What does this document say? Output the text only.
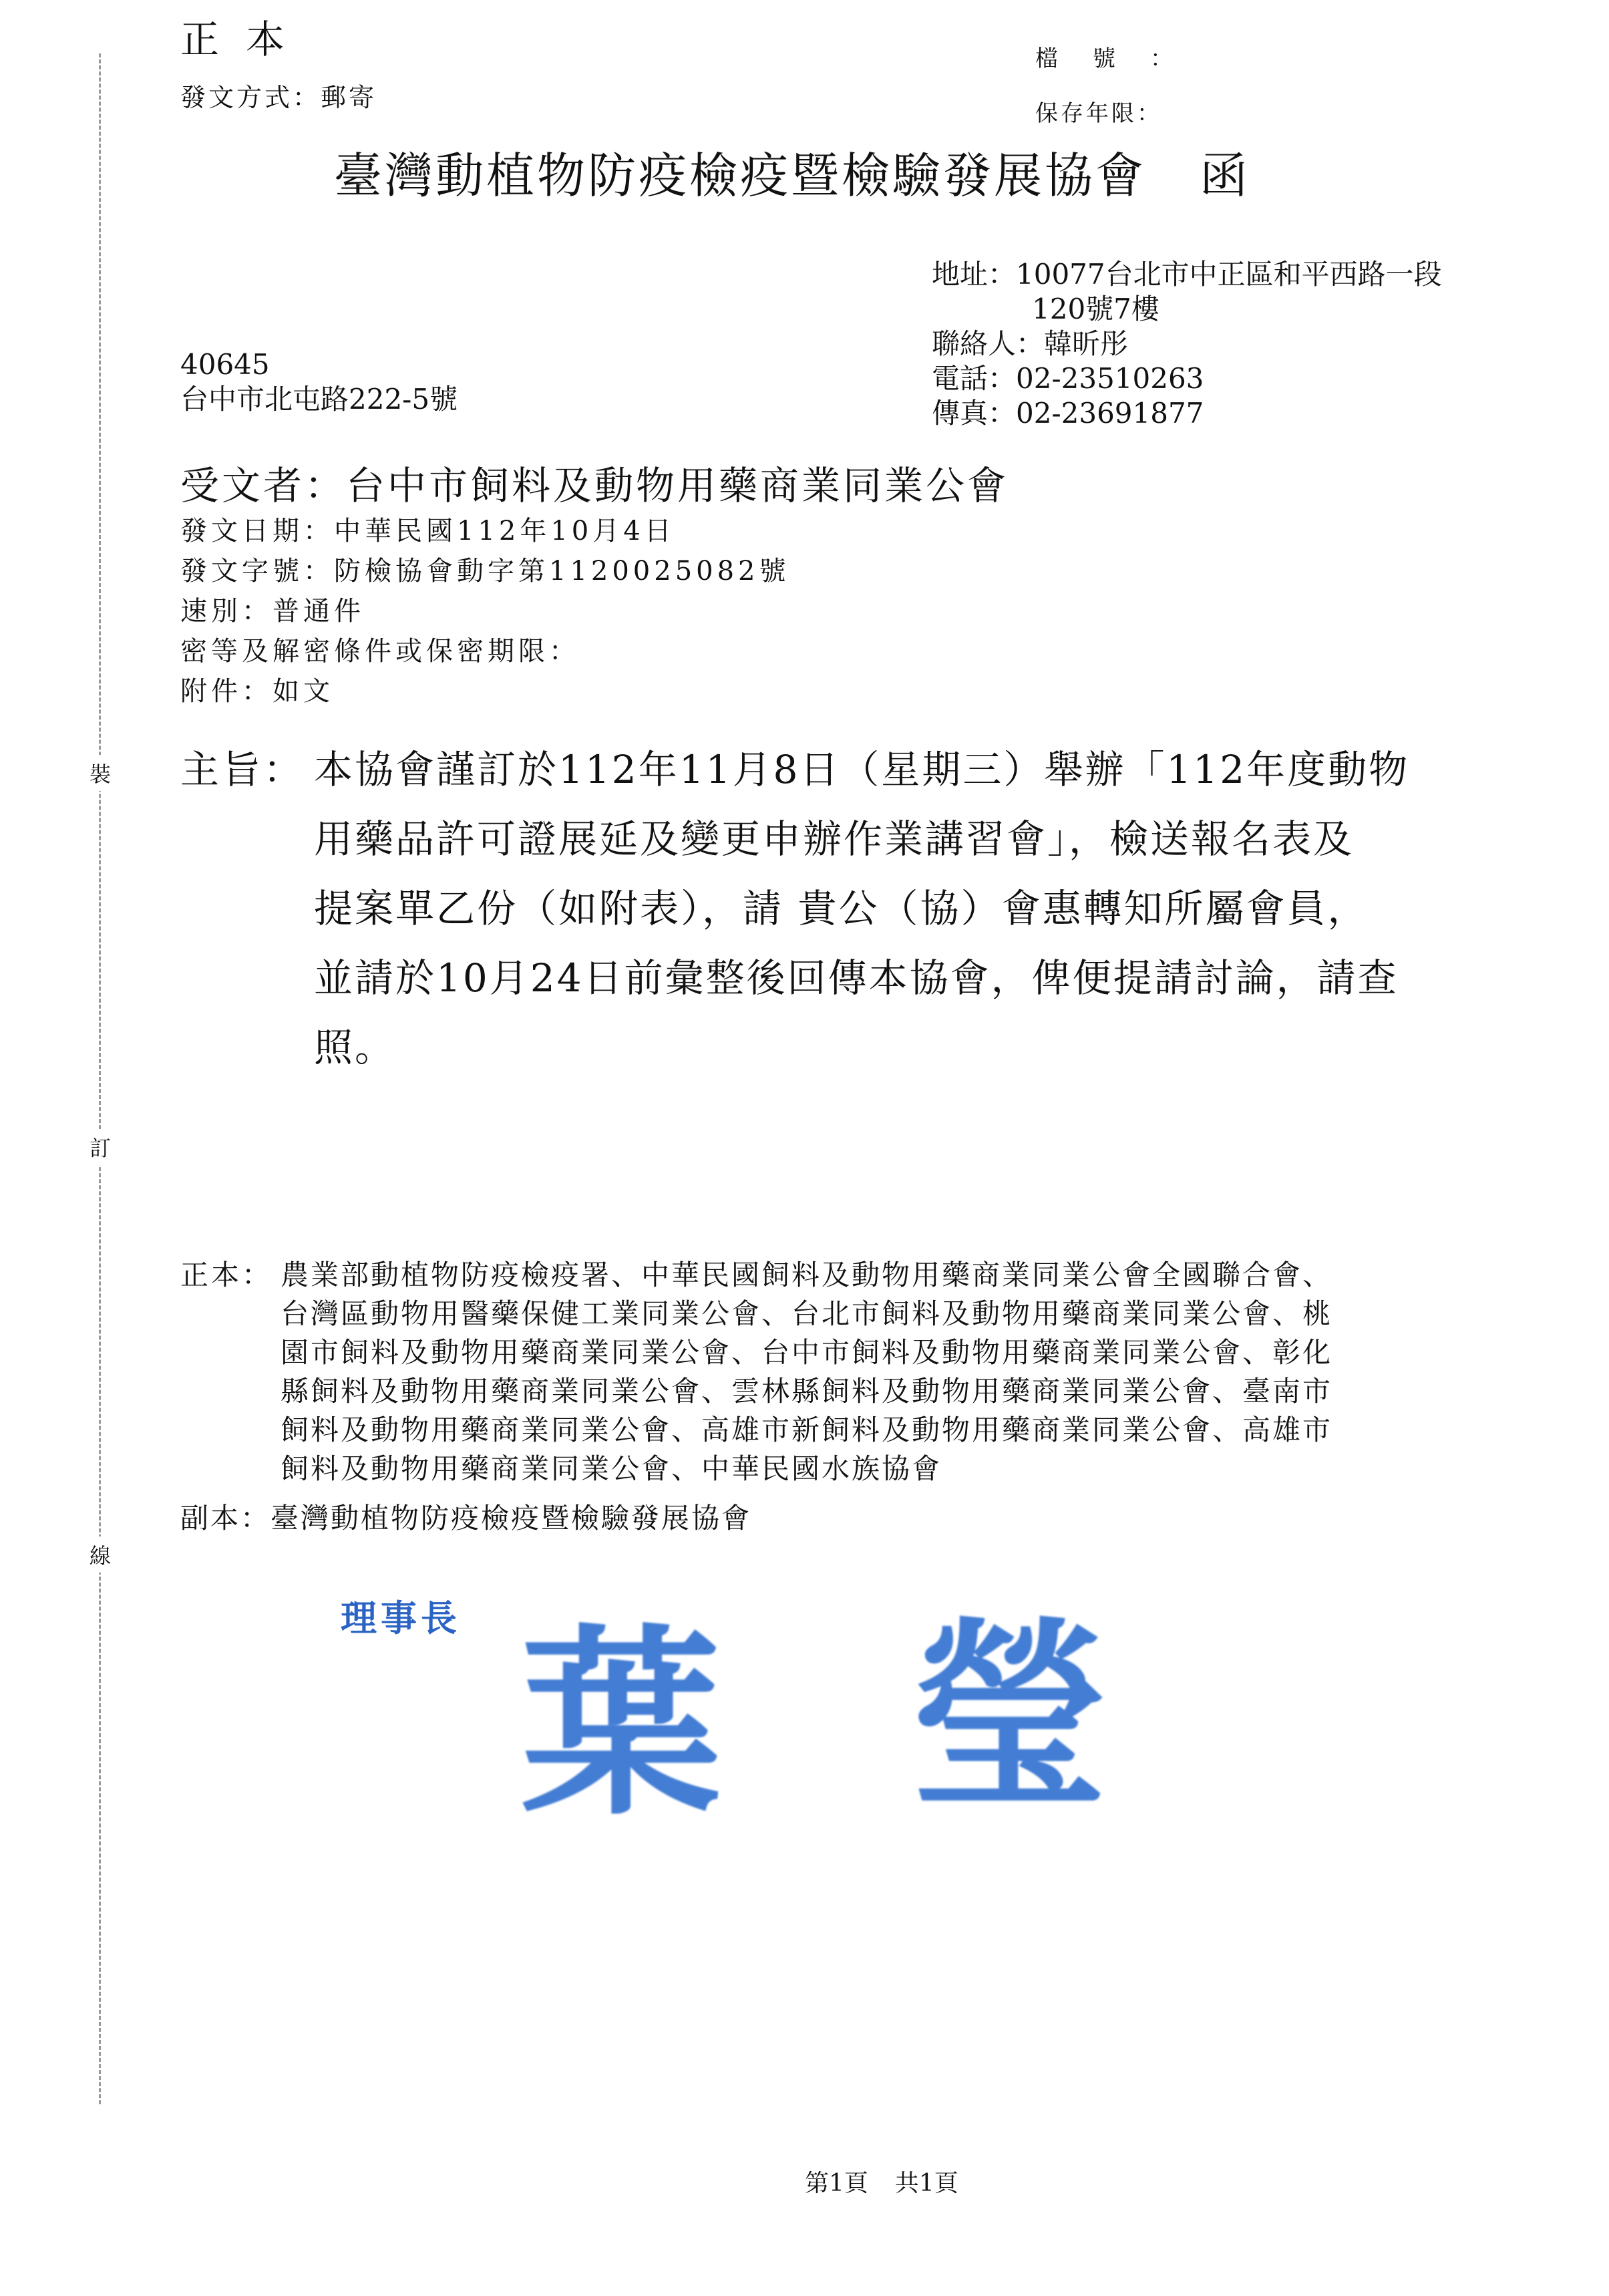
裝
訂
線
正本
發文方式：郵寄
檔號：
保存年限：
臺灣動植物防疫檢疫暨檢驗發展協會 函
地址：10077台北市中正區和平西路一段
120號7樓
聯絡人：韓昕彤
電話：02-23510263
傳真：02-23691877
40645
台中市北屯路222-5號
受文者：台中市飼料及動物用藥商業同業公會
發文日期：中華民國112年10月4日
發文字號：防檢協會動字第1120025082號
速別：普通件
密等及解密條件或保密期限：
附件：如文
主旨： 本協會謹訂於112年11月8日（星期三）舉辦「112年度動物
用藥品許可證展延及變更申辦作業講習會」，檢送報名表及
提案單乙份（如附表），請 貴公（協）會惠轉知所屬會員，
並請於10月24日前彙整後回傳本協會，俾便提請討論，請查
照。
正本： 農業部動植物防疫檢疫署、中華民國飼料及動物用藥商業同業公會全國聯合會、
台灣區動物用醫藥保健工業同業公會、台北市飼料及動物用藥商業同業公會、桃
園市飼料及動物用藥商業同業公會、台中市飼料及動物用藥商業同業公會、彰化
縣飼料及動物用藥商業同業公會、雲林縣飼料及動物用藥商業同業公會、臺南市
飼料及動物用藥商業同業公會、高雄市新飼料及動物用藥商業同業公會、高雄市
飼料及動物用藥商業同業公會、中華民國水族協會
副本：臺灣動植物防疫檢疫暨檢驗發展協會
理事長 葉 瑩
第1頁 共1頁
